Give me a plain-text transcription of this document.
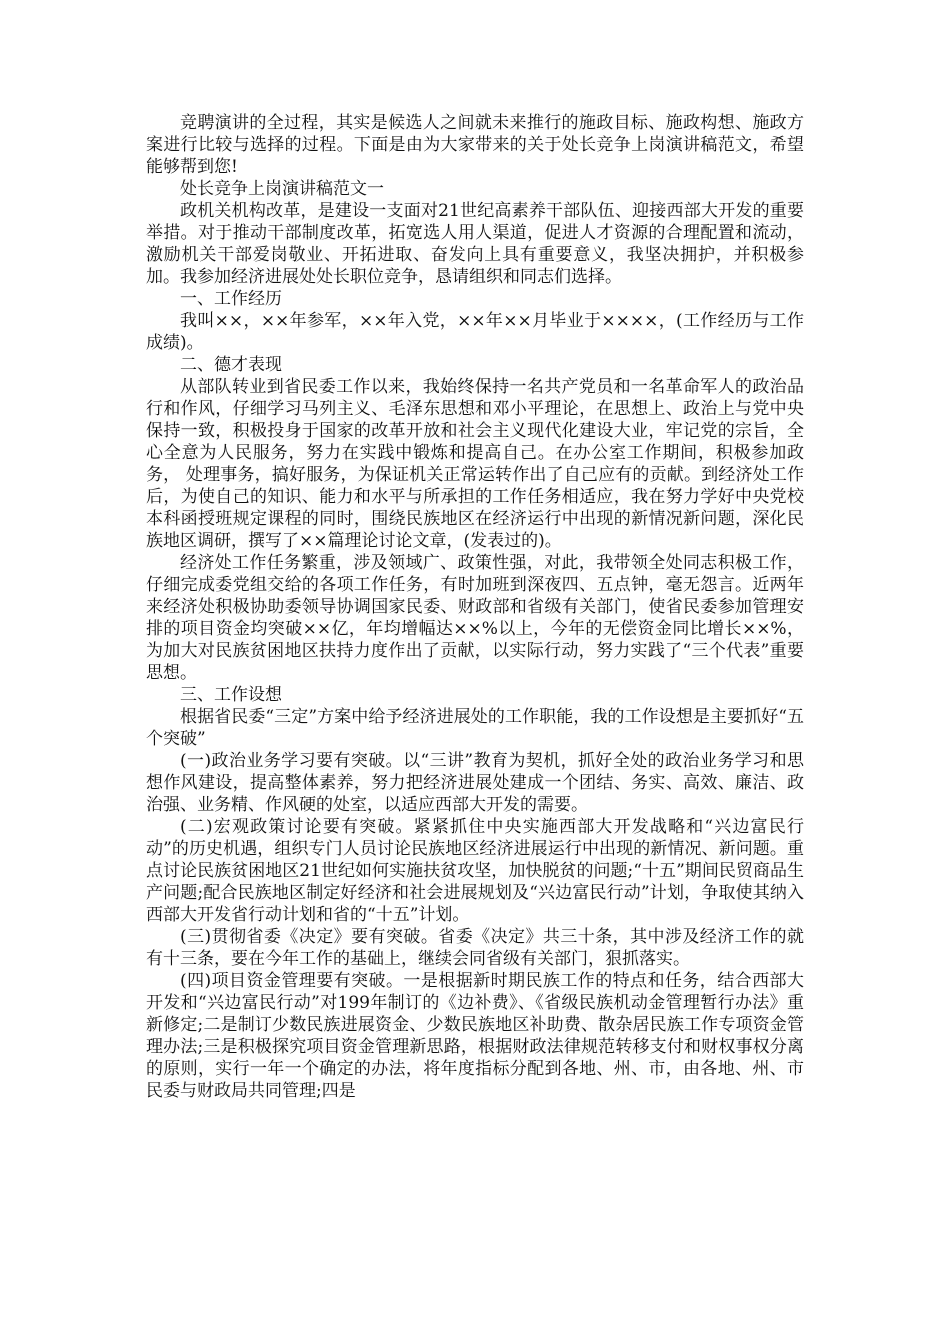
竞聘演讲的全过程，其实是候选人之间就未来推行的施政目标、施政构想、施政方案进行比较与选择的过程。下面是由为大家带来的关于处长竞争上岗演讲稿范文，希望能够帮到您!

处长竞争上岗演讲稿范文一

政机关机构改革，是建设一支面对21世纪高素养干部队伍、迎接西部大开发的重要举措。对于推动干部制度改革，拓宽选人用人渠道，促进人才资源的合理配置和流动，激励机关干部爱岗敬业、开拓进取、奋发向上具有重要意义，我坚决拥护，并积极参加。我参加经济进展处处长职位竞争，恳请组织和同志们选择。

一、工作经历

我叫××，××年参军，××年入党，××年××月毕业于××××，(工作经历与工作成绩)。

二、德才表现

从部队转业到省民委工作以来，我始终保持一名共产党员和一名革命军人的政治品行和作风，仔细学习马列主义、毛泽东思想和邓小平理论，在思想上、政治上与党中央保持一致，积极投身于国家的改革开放和社会主义现代化建设大业，牢记党的宗旨，全心全意为人民服务，努力在实践中锻炼和提高自己。在办公室工作期间，积极参加政务， 处理事务，搞好服务，为保证机关正常运转作出了自己应有的贡献。到经济处工作后，为使自己的知识、能力和水平与所承担的工作任务相适应，我在努力学好中央党校本科函授班规定课程的同时，围绕民族地区在经济运行中出现的新情况新问题，深化民族地区调研，撰写了××篇理论讨论文章，(发表过的)。

经济处工作任务繁重，涉及领域广、政策性强，对此，我带领全处同志积极工作，仔细完成委党组交给的各项工作任务，有时加班到深夜四、五点钟，毫无怨言。近两年来经济处积极协助委领导协调国家民委、财政部和省级有关部门，使省民委参加管理安排的项目资金均突破××亿，年均增幅达××%以上，今年的无偿资金同比增长××%，为加大对民族贫困地区扶持力度作出了贡献，以实际行动，努力实践了“三个代表”重要思想。

三、工作设想

根据省民委“三定”方案中给予经济进展处的工作职能，我的工作设想是主要抓好“五个突破”

(一)政治业务学习要有突破。以“三讲”教育为契机，抓好全处的政治业务学习和思想作风建设，提高整体素养，努力把经济进展处建成一个团结、务实、高效、廉洁、政治强、业务精、作风硬的处室，以适应西部大开发的需要。

(二)宏观政策讨论要有突破。紧紧抓住中央实施西部大开发战略和“兴边富民行动”的历史机遇，组织专门人员讨论民族地区经济进展运行中出现的新情况、新问题。重点讨论民族贫困地区21世纪如何实施扶贫攻坚，加快脱贫的问题;“十五”期间民贸商品生产问题;配合民族地区制定好经济和社会进展规划及“兴边富民行动”计划，争取使其纳入西部大开发省行动计划和省的“十五”计划。

(三)贯彻省委《决定》要有突破。省委《决定》共三十条，其中涉及经济工作的就有十三条，要在今年工作的基础上，继续会同省级有关部门，狠抓落实。

(四)项目资金管理要有突破。一是根据新时期民族工作的特点和任务，结合西部大开发和“兴边富民行动”对199年制订的《边补费》、《省级民族机动金管理暂行办法》重新修定;二是制订少数民族进展资金、少数民族地区补助费、散杂居民族工作专项资金管理办法;三是积极探究项目资金管理新思路，根据财政法律规范转移支付和财权事权分离的原则，实行一年一个确定的办法，将年度指标分配到各地、州、市，由各地、州、市民委与财政局共同管理;四是
